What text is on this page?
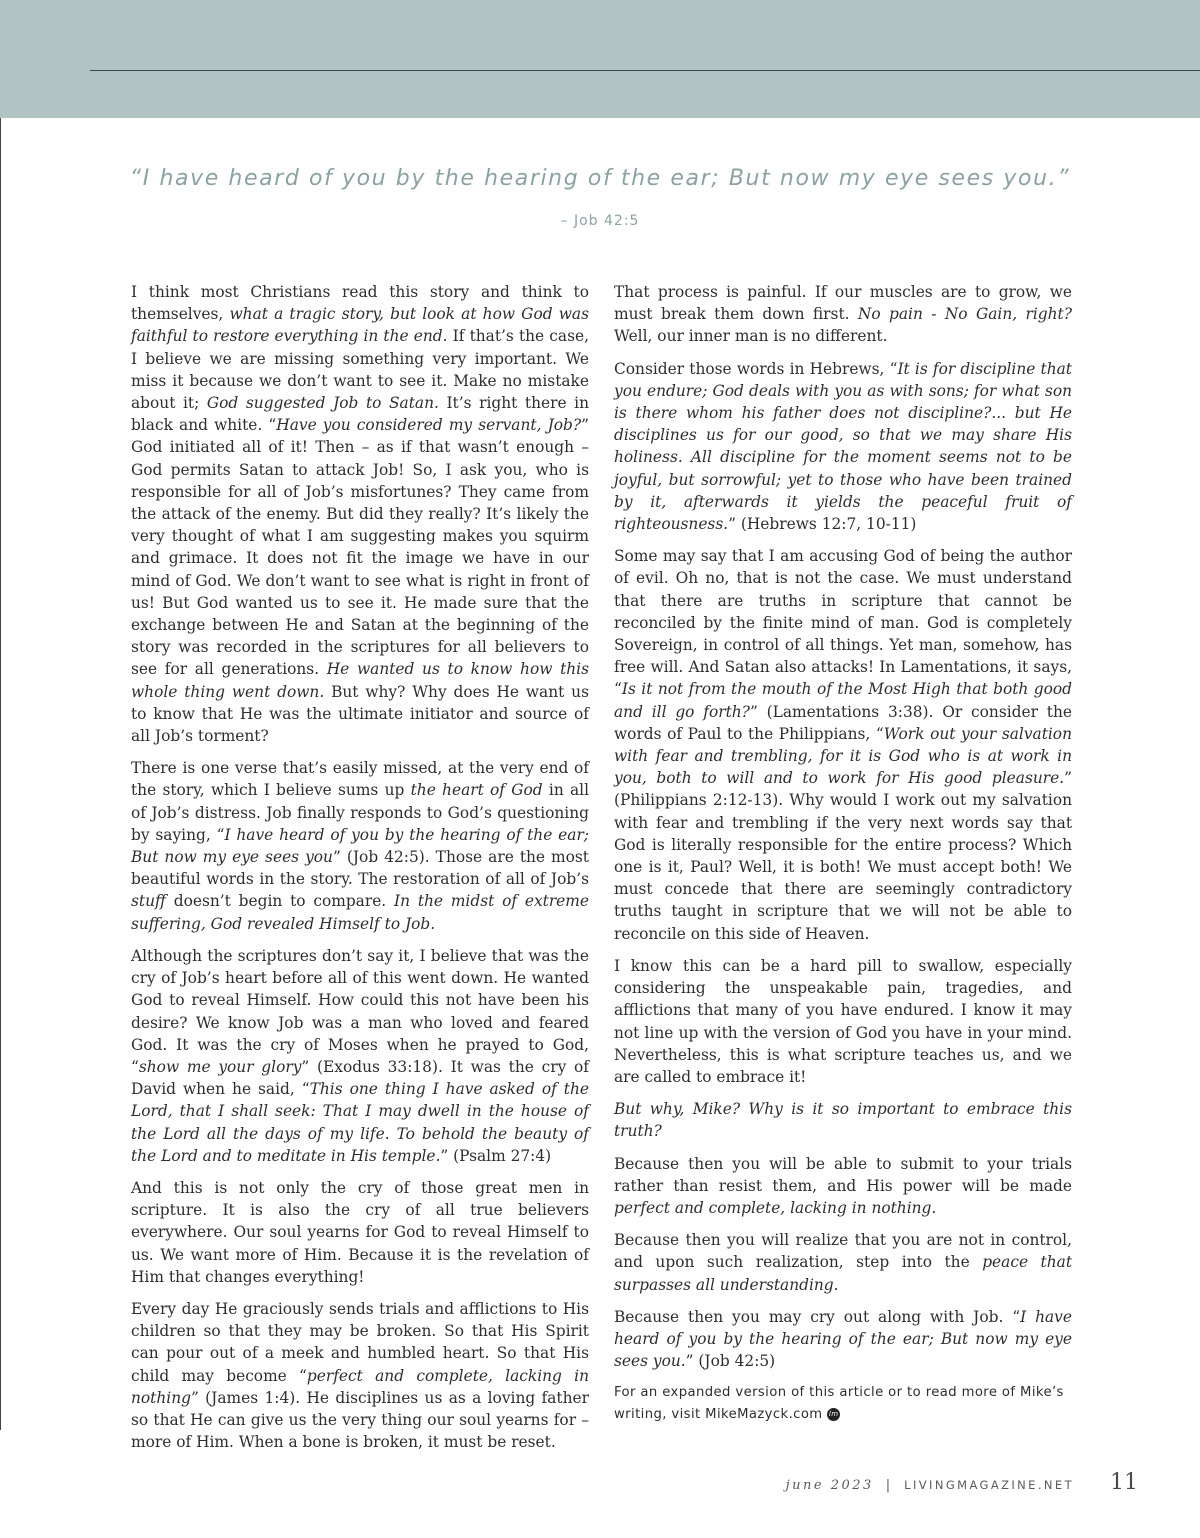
“I have heard of you by the hearing of the ear; But now my eye sees you.”
– Job 42:5

I think most Christians read this story and think to themselves, what a tragic story, but look at how God was faithful to restore everything in the end. If that’s the case, I believe we are missing something very important. We miss it because we don’t want to see it. Make no mistake about it; God suggested Job to Satan. It’s right there in black and white. “Have you considered my servant, Job?” God initiated all of it! Then – as if that wasn’t enough – God permits Satan to attack Job! So, I ask you, who is responsible for all of Job’s misfortunes? They came from the attack of the enemy. But did they really? It’s likely the very thought of what I am suggesting makes you squirm and grimace. It does not fit the image we have in our mind of God. We don’t want to see what is right in front of us! But God wanted us to see it. He made sure that the exchange between He and Satan at the beginning of the story was recorded in the scriptures for all believers to see for all generations. He wanted us to know how this whole thing went down. But why? Why does He want us to know that He was the ultimate initiator and source of all Job’s torment?

There is one verse that’s easily missed, at the very end of the story, which I believe sums up the heart of God in all of Job’s distress. Job finally responds to God’s questioning by saying, “I have heard of you by the hearing of the ear; But now my eye sees you” (Job 42:5). Those are the most beautiful words in the story. The restoration of all of Job’s stuff doesn’t begin to compare. In the midst of extreme suffering, God revealed Himself to Job.

Although the scriptures don’t say it, I believe that was the cry of Job’s heart before all of this went down. He wanted God to reveal Himself. How could this not have been his desire? We know Job was a man who loved and feared God. It was the cry of Moses when he prayed to God, “show me your glory” (Exodus 33:18). It was the cry of David when he said, “This one thing I have asked of the Lord, that I shall seek: That I may dwell in the house of the Lord all the days of my life. To behold the beauty of the Lord and to meditate in His temple.” (Psalm 27:4)

And this is not only the cry of those great men in scripture. It is also the cry of all true believers everywhere. Our soul yearns for God to reveal Himself to us. We want more of Him. Because it is the revelation of Him that changes everything!

Every day He graciously sends trials and afflictions to His children so that they may be broken. So that His Spirit can pour out of a meek and humbled heart. So that His child may become “perfect and complete, lacking in nothing” (James 1:4). He disciplines us as a loving father so that He can give us the very thing our soul yearns for – more of Him. When a bone is broken, it must be reset.

That process is painful. If our muscles are to grow, we must break them down first. No pain - No Gain, right? Well, our inner man is no different.

Consider those words in Hebrews, “It is for discipline that you endure; God deals with you as with sons; for what son is there whom his father does not discipline?... but He disciplines us for our good, so that we may share His holiness. All discipline for the moment seems not to be joyful, but sorrowful; yet to those who have been trained by it, afterwards it yields the peaceful fruit of righteousness.” (Hebrews 12:7, 10-11)

Some may say that I am accusing God of being the author of evil. Oh no, that is not the case. We must understand that there are truths in scripture that cannot be reconciled by the finite mind of man. God is completely Sovereign, in control of all things. Yet man, somehow, has free will. And Satan also attacks! In Lamentations, it says, “Is it not from the mouth of the Most High that both good and ill go forth?” (Lamentations 3:38). Or consider the words of Paul to the Philippians, “Work out your salvation with fear and trembling, for it is God who is at work in you, both to will and to work for His good pleasure.” (Philippians 2:12-13). Why would I work out my salvation with fear and trembling if the very next words say that God is literally responsible for the entire process? Which one is it, Paul? Well, it is both! We must accept both! We must concede that there are seemingly contradictory truths taught in scripture that we will not be able to reconcile on this side of Heaven.

I know this can be a hard pill to swallow, especially considering the unspeakable pain, tragedies, and afflictions that many of you have endured. I know it may not line up with the version of God you have in your mind. Nevertheless, this is what scripture teaches us, and we are called to embrace it!

But why, Mike? Why is it so important to embrace this truth?

Because then you will be able to submit to your trials rather than resist them, and His power will be made perfect and complete, lacking in nothing.

Because then you will realize that you are not in control, and upon such realization, step into the peace that surpasses all understanding.

Because then you may cry out along with Job. “I have heard of you by the hearing of the ear; But now my eye sees you.” (Job 42:5)

For an expanded version of this article or to read more of Mike’s writing, visit MikeMazyck.com lm
june 2023 | LIVINGMAGAZINE.NET 11
